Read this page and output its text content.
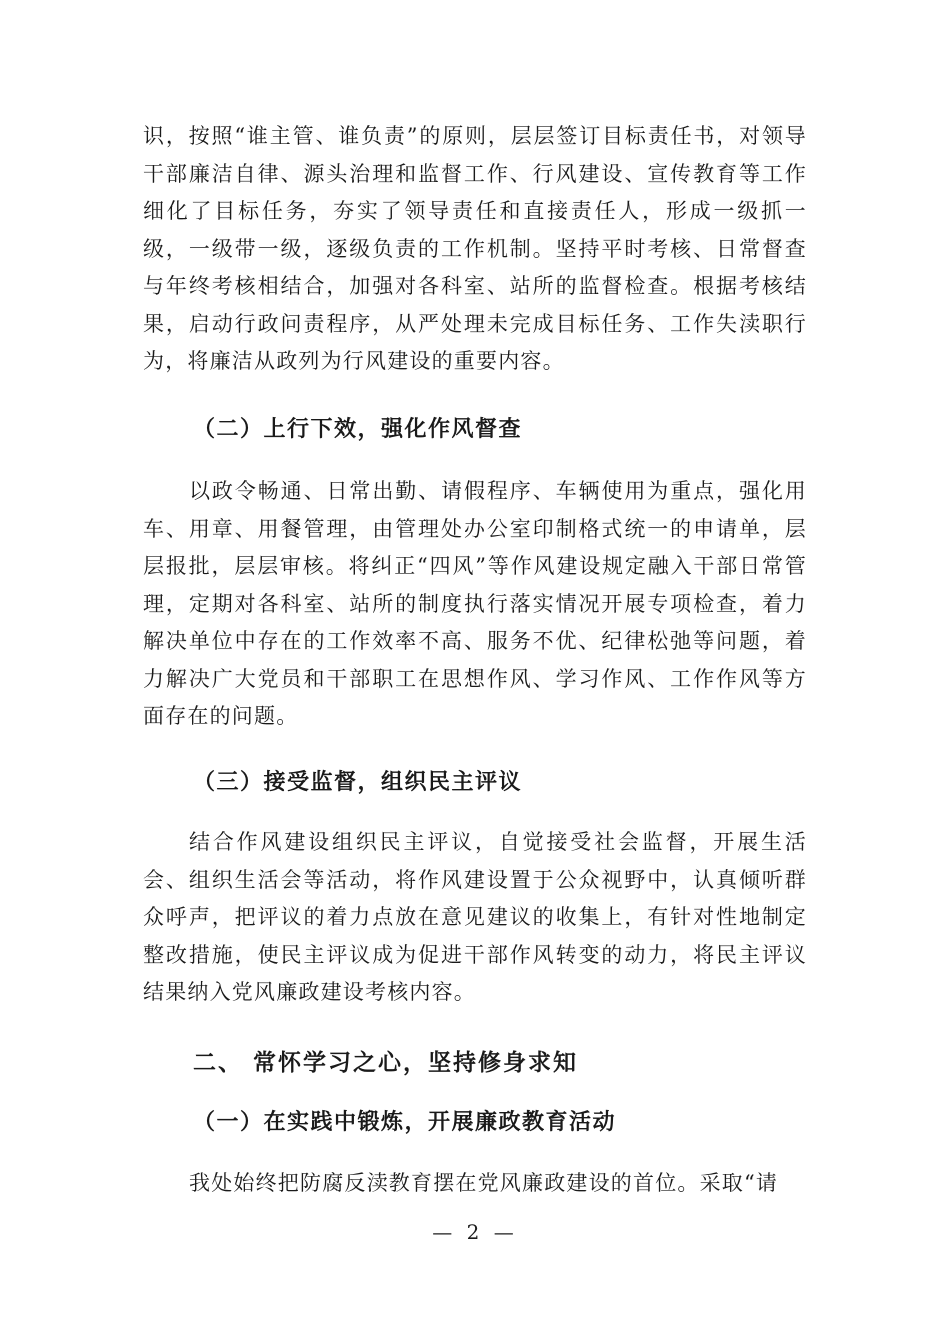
识，按照“谁主管、谁负责”的原则，层层签订目标责任书，对领导干部廉洁自律、源头治理和监督工作、行风建设、宣传教育等工作细化了目标任务，夯实了领导责任和直接责任人，形成一级抓一级，一级带一级，逐级负责的工作机制。坚持平时考核、日常督查与年终考核相结合，加强对各科室、站所的监督检查。根据考核结果，启动行政问责程序，从严处理未完成目标任务、工作失渎职行为，将廉洁从政列为行风建设的重要内容。

（二）上行下效，强化作风督查

以政令畅通、日常出勤、请假程序、车辆使用为重点，强化用车、用章、用餐管理，由管理处办公室印制格式统一的申请单，层层报批，层层审核。将纠正“四风”等作风建设规定融入干部日常管理，定期对各科室、站所的制度执行落实情况开展专项检查，着力解决单位中存在的工作效率不高、服务不优、纪律松弛等问题，着力解决广大党员和干部职工在思想作风、学习作风、工作作风等方面存在的问题。

（三）接受监督，组织民主评议

结合作风建设组织民主评议，自觉接受社会监督，开展生活会、组织生活会等活动，将作风建设置于公众视野中，认真倾听群众呼声，把评议的着力点放在意见建议的收集上，有针对性地制定整改措施，使民主评议成为促进干部作风转变的动力，将民主评议结果纳入党风廉政建设考核内容。

二、 常怀学习之心，坚持修身求知
（一）在实践中锻炼，开展廉政教育活动

我处始终把防腐反渎教育摆在党风廉政建设的首位。采取“请

— 2 —
